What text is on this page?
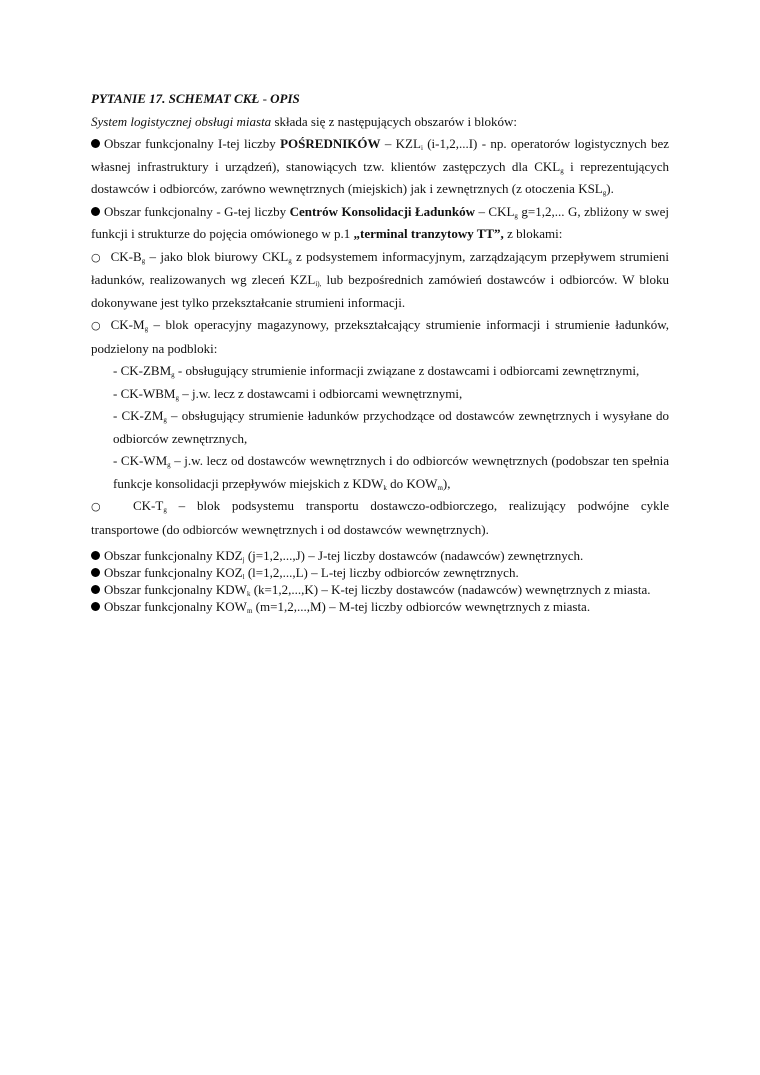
PYTANIE 17. SCHEMAT CKŁ - OPIS
System logistycznej obsługi miasta składa się z następujących obszarów i bloków:
Obszar funkcjonalny I-tej liczby POŚREDNIKÓW – $KZL_i$ (i-1,2,...I) - np. operatorów logistycznych bez własnej infrastruktury i urządzeń), stanowiących tzw. klientów zastępczych dla $CKL_g$ i reprezentujących dostawców i odbiorców, zarówno wewnętrznych (miejskich) jak i zewnętrznych (z otoczenia $KSL_g$).
Obszar funkcjonalny - G-tej liczby Centrów Konsolidacji Ładunków – $CKL_g$ g=1,2,... G, zbliżony w swej funkcji i strukturze do pojęcia omówionego w p.1 „terminal tranzytowy TT”, z blokami:
○ $CK-B_g$ – jako blok biurowy $CKL_g$ z podsystemem informacyjnym, zarządzającym przepływem strumieni ładunków, realizowanych wg zleceń $KZL_{i),}$ lub bezpośrednich zamówień dostawców i odbiorców. W bloku dokonywane jest tylko przekształcanie strumieni informacji.
○ $CK-M_g$ – blok operacyjny magazynowy, przekształcający strumienie informacji i strumienie ładunków, podzielony na podbloki:
- $CK-ZBM_g$ - obsługujący strumienie informacji związane z dostawcami i odbiorcami zewnętrznymi,
- $CK-WBM_g - j.w$. lecz z dostawcami i odbiorcami wewnętrznymi,
- $CK-ZM_g$ – obsługujący strumienie ładunków przychodzące od dostawców zewnętrznych i wysyłane do odbiorców zewnętrznych,
- $CK-WM_g - j.w$. lecz od dostawców wewnętrznych i do odbiorców wewnętrznych (podobszar ten spełnia funkcje konsolidacji przepływów miejskich z $KDW_k$ do $KOW_m$),
○ $CK-T_g$ – blok podsystemu transportu dostawczo-odbiorczego, realizujący podwójne cykle transportowe (do odbiorców wewnętrznych i od dostawców wewnętrznych).
Obszar funkcjonalny $KDZ_j$ (j=1,2,...,J) – J-tej liczby dostawców (nadawców) zewnętrznych.
Obszar funkcjonalny $KOZ_l$ (l=1,2,...,L) – L-tej liczby odbiorców zewnętrznych.
Obszar funkcjonalny $KDW_k$ (k=1,2,...,K) – K-tej liczby dostawców (nadawców) wewnętrznych z miasta.
Obszar funkcjonalny $KOW_m$ (m=1,2,...,M) – M-tej liczby odbiorców wewnętrznych z miasta.
